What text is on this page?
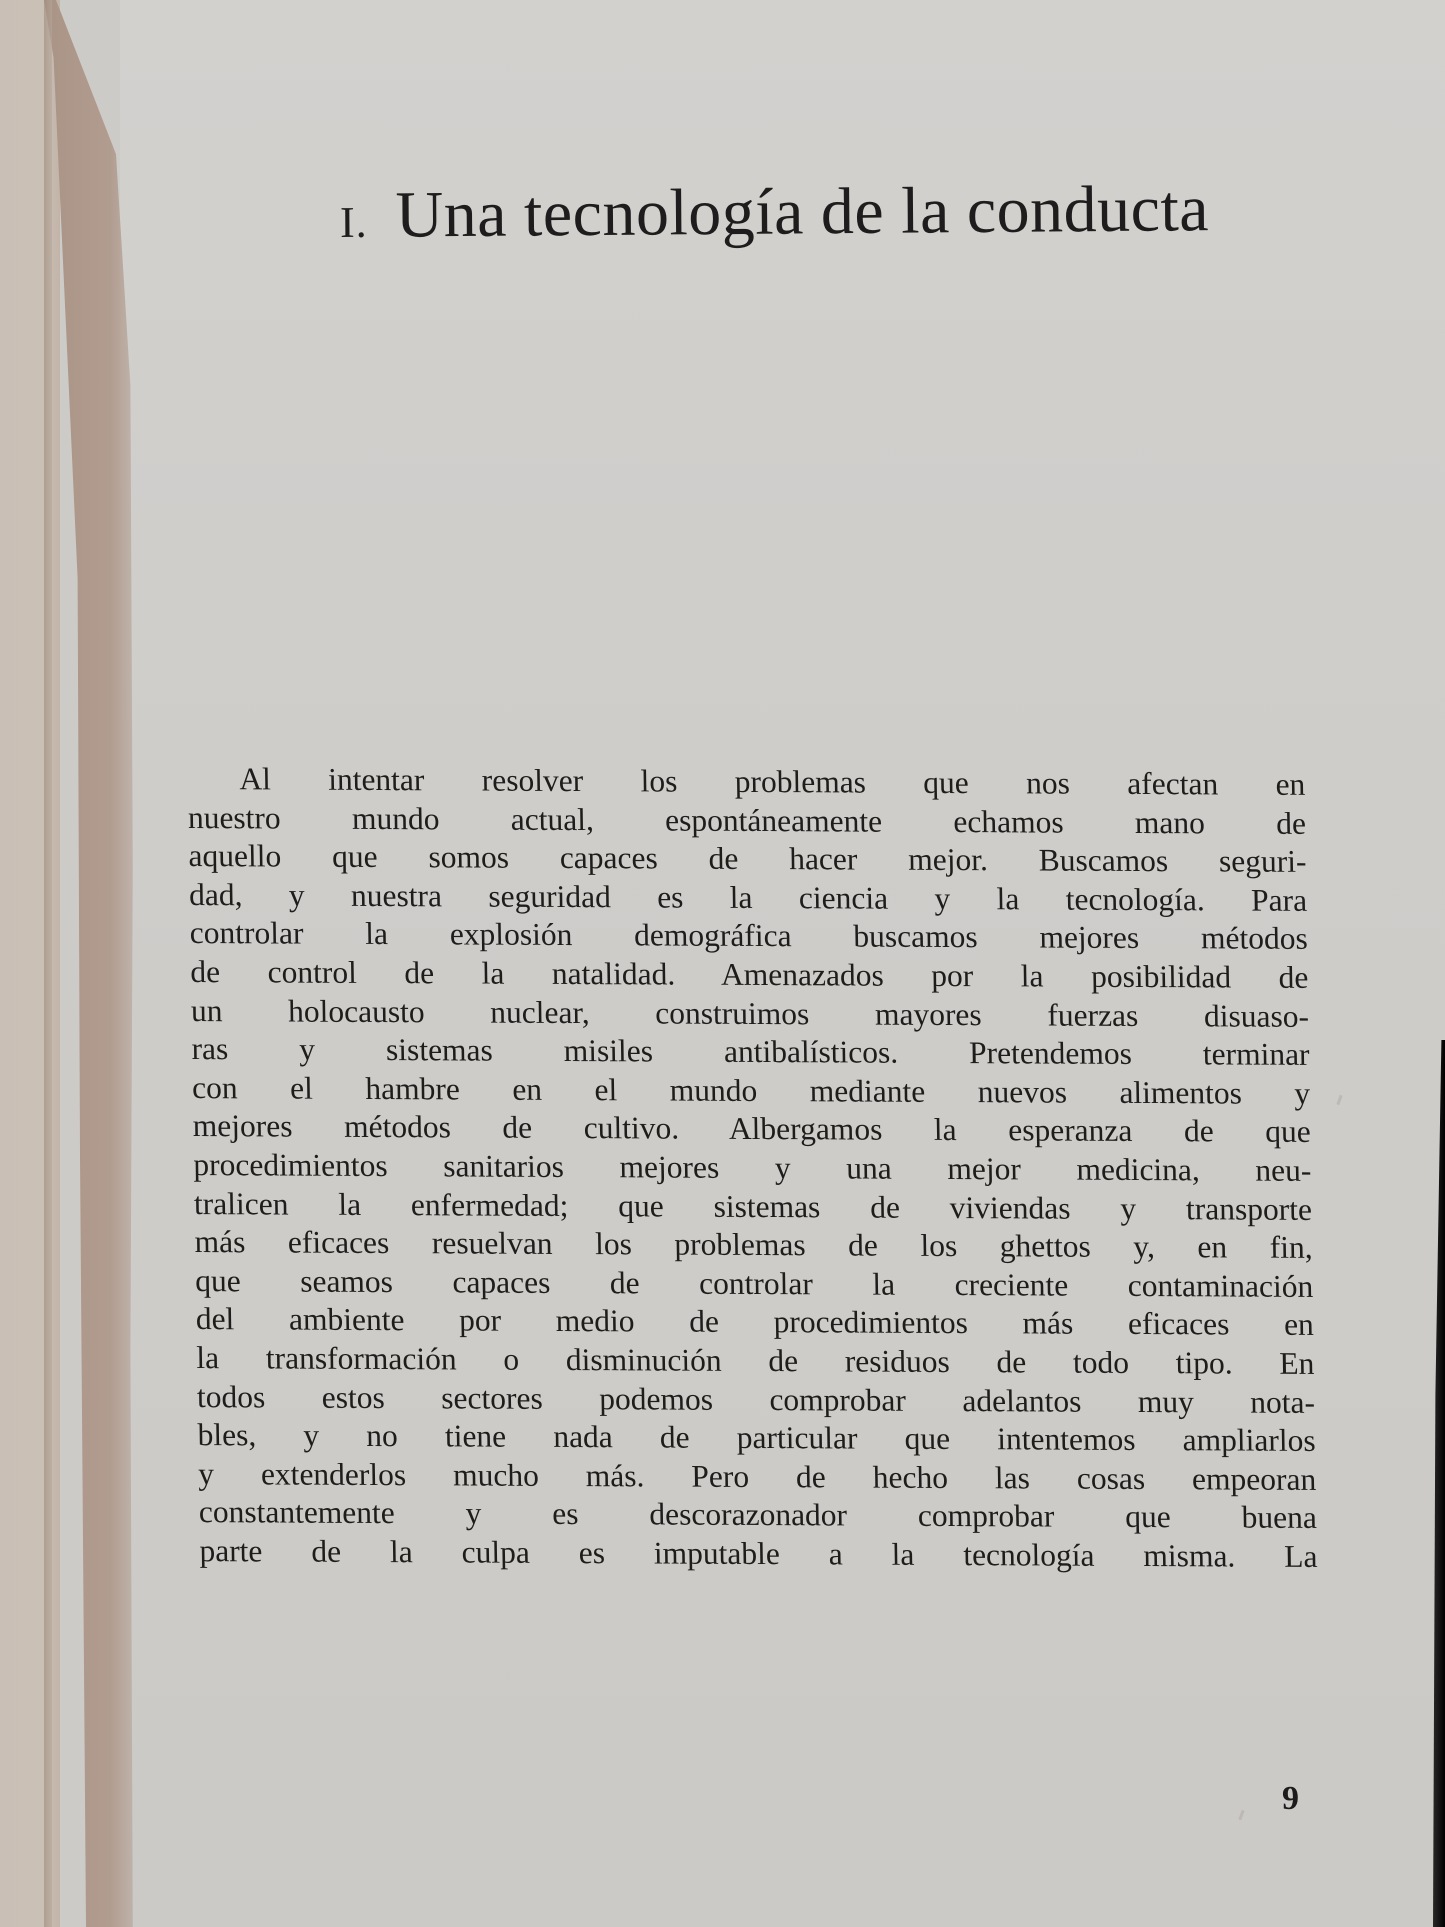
I. Una tecnología de la conducta
Al intentar resolver los problemas que nos afectan en
nuestro mundo actual, espontáneamente echamos mano de
aquello que somos capaces de hacer mejor. Buscamos seguri-
dad, y nuestra seguridad es la ciencia y la tecnología. Para
controlar la explosión demográfica buscamos mejores métodos
de control de la natalidad. Amenazados por la posibilidad de
un holocausto nuclear, construimos mayores fuerzas disuaso-
ras y sistemas misiles antibalísticos. Pretendemos terminar
con el hambre en el mundo mediante nuevos alimentos y
mejores métodos de cultivo. Albergamos la esperanza de que
procedimientos sanitarios mejores y una mejor medicina, neu-
tralicen la enfermedad; que sistemas de viviendas y transporte
más eficaces resuelvan los problemas de los ghettos y, en fin,
que seamos capaces de controlar la creciente contaminación
del ambiente por medio de procedimientos más eficaces en
la transformación o disminución de residuos de todo tipo. En
todos estos sectores podemos comprobar adelantos muy nota-
bles, y no tiene nada de particular que intentemos ampliarlos
y extenderlos mucho más. Pero de hecho las cosas empeoran
constantemente y es descorazonador comprobar que buena
parte de la culpa es imputable a la tecnología misma. La
9
